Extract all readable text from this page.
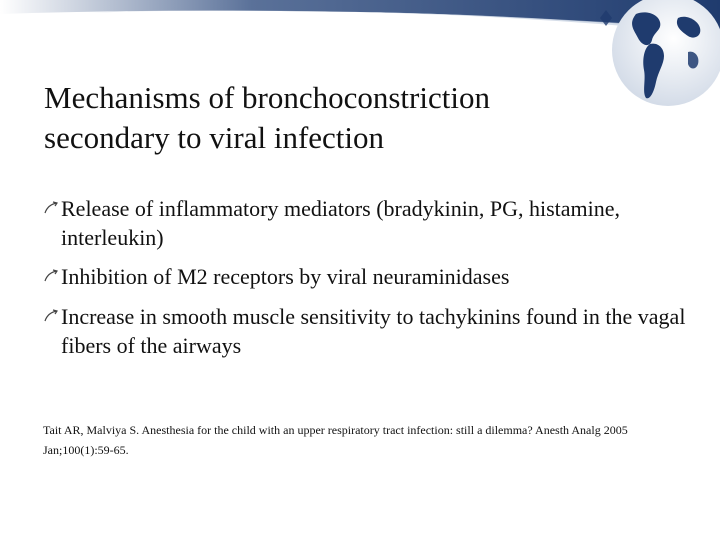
Mechanisms of bronchoconstriction
secondary to viral infection
Release of inflammatory mediators (bradykinin, PG, histamine, interleukin)
Inhibition of M2 receptors by viral neuraminidases
Increase in smooth muscle sensitivity to tachykinins found in the vagal fibers of the airways

Tait AR, Malviya S. Anesthesia for the child with an upper respiratory tract infection: still a dilemma? Anesth Analg 2005 Jan;100(1):59-65.
